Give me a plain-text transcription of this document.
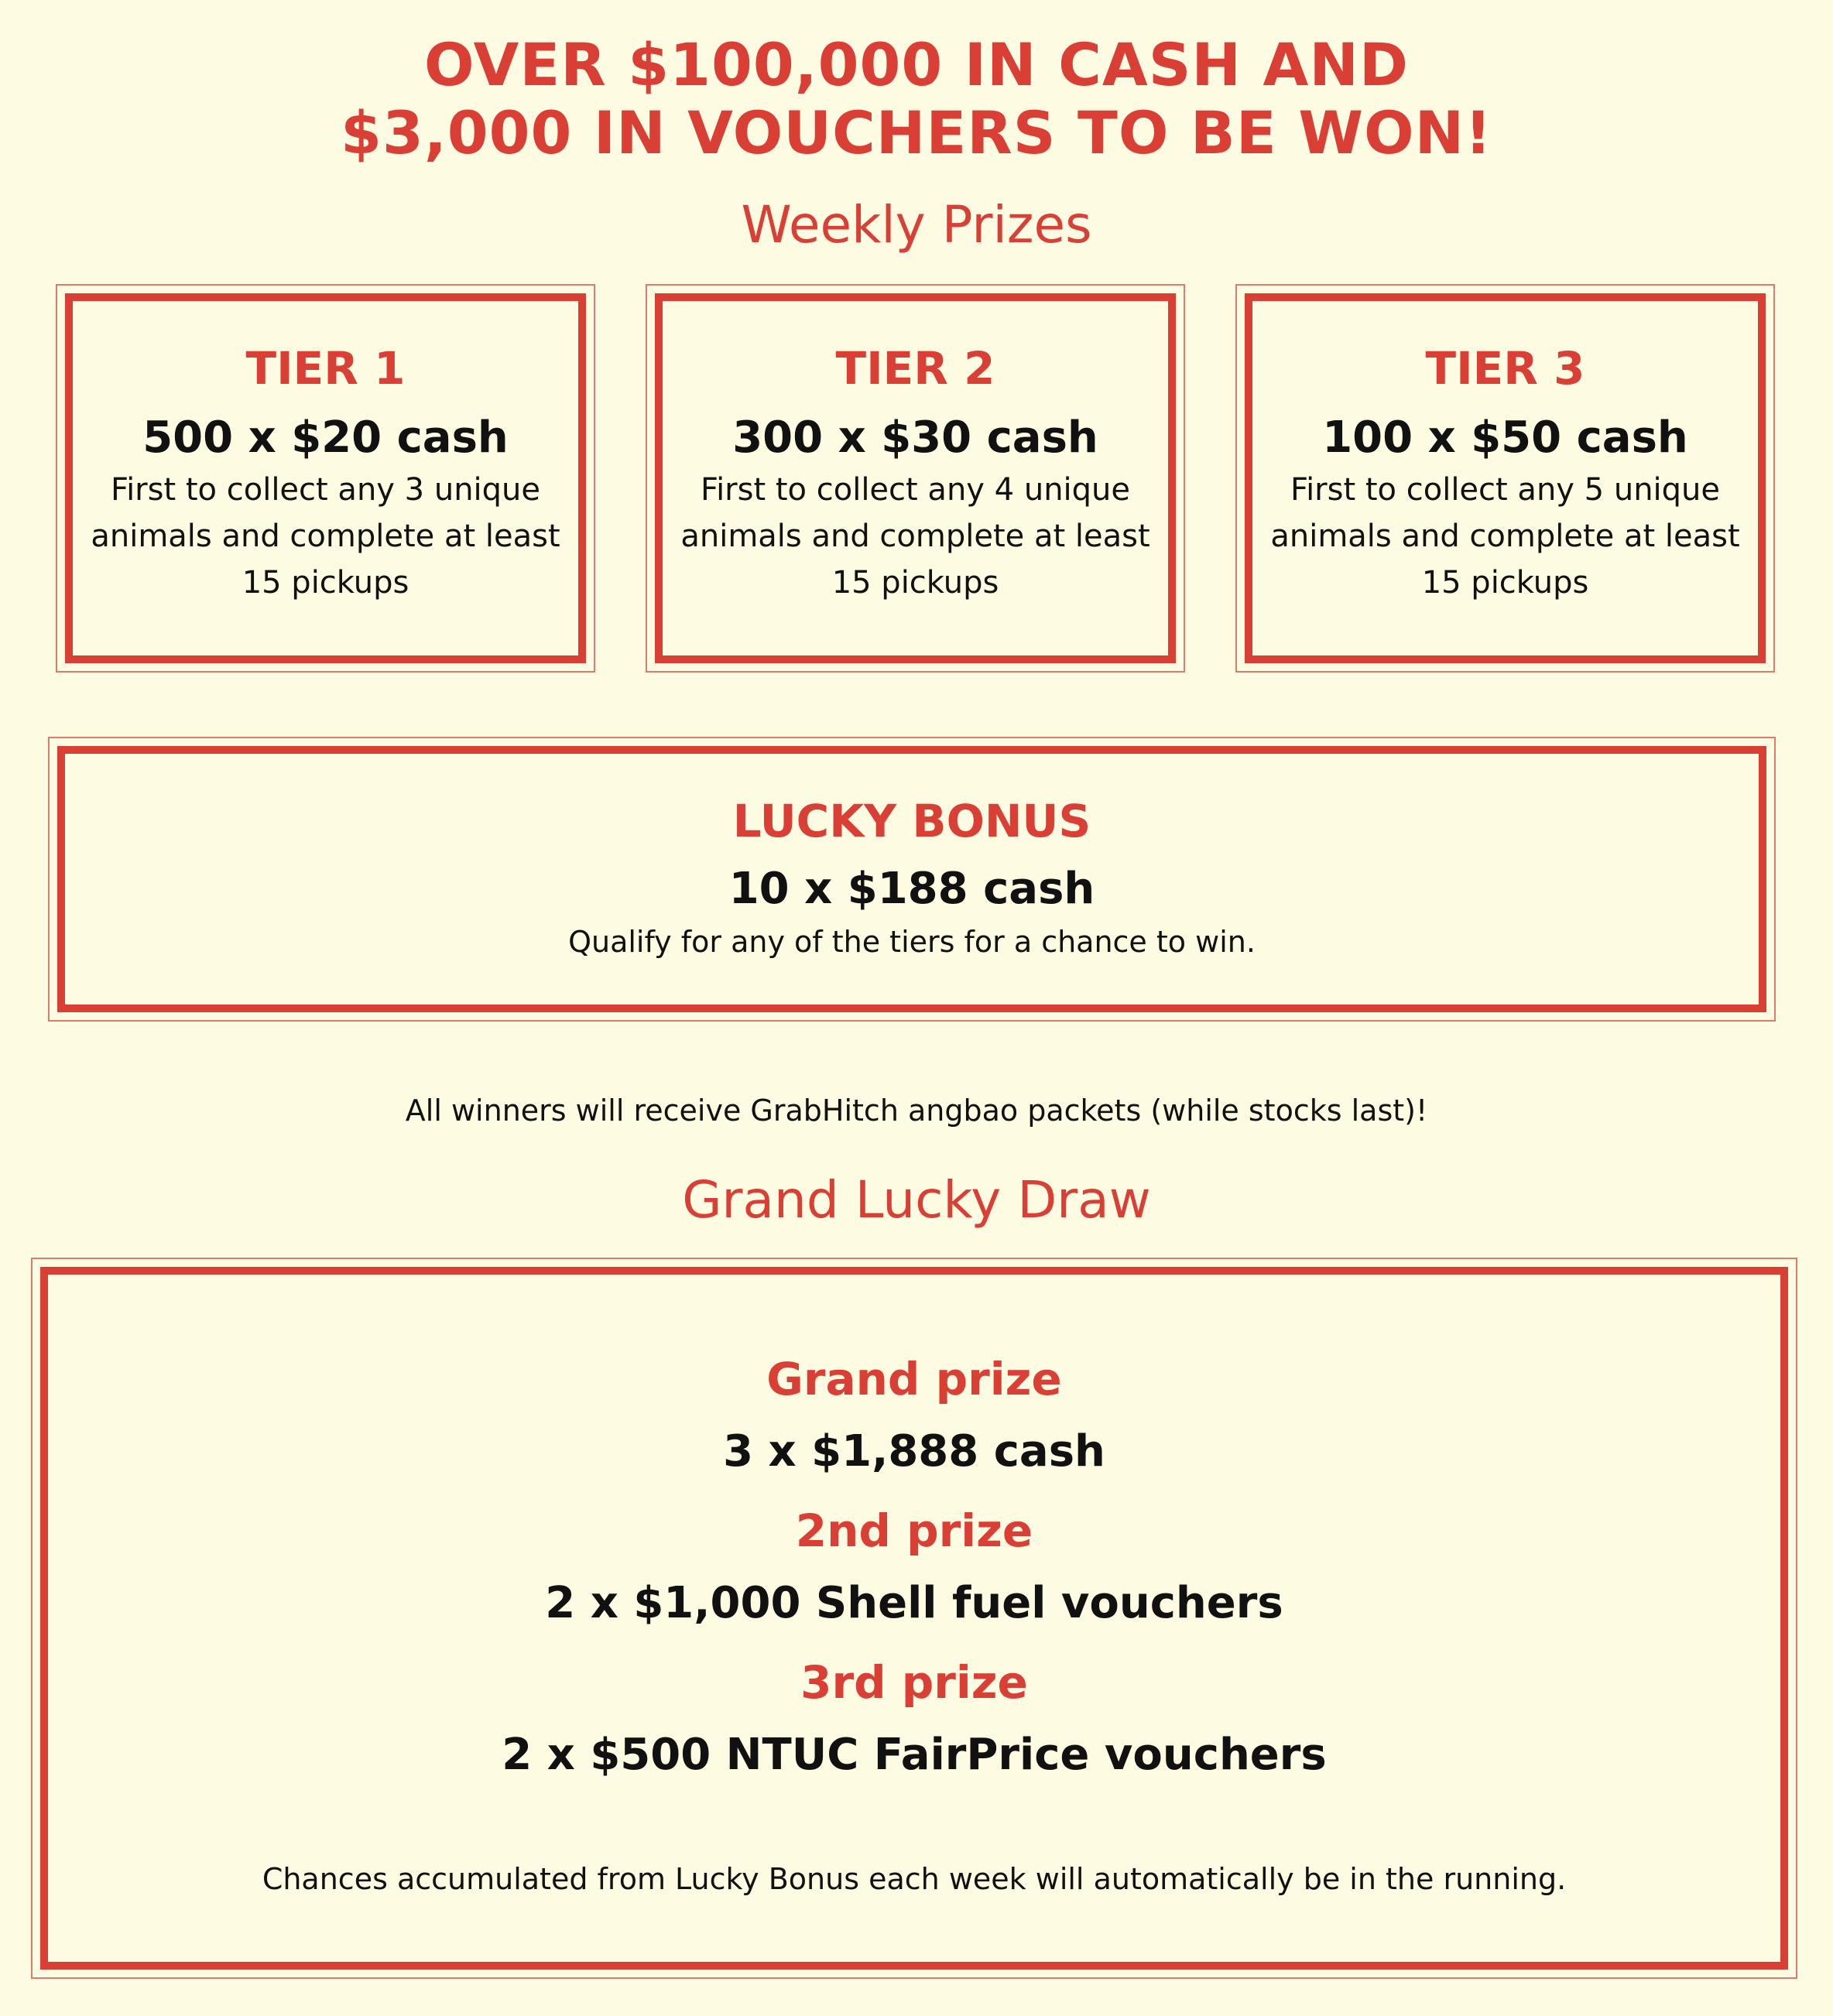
OVER $100,000 IN CASH AND
$3,000 IN VOUCHERS TO BE WON!
Weekly Prizes
TIER 1
500 x $20 cash
First to collect any 3 unique animals and complete at least 15 pickups
TIER 2
300 x $30 cash
First to collect any 4 unique animals and complete at least 15 pickups
TIER 3
100 x $50 cash
First to collect any 5 unique animals and complete at least 15 pickups
LUCKY BONUS
10 x $188 cash
Qualify for any of the tiers for a chance to win.
All winners will receive GrabHitch angbao packets (while stocks last)!
Grand Lucky Draw
Grand prize
3 x $1,888 cash
2nd prize
2 x $1,000 Shell fuel vouchers
3rd prize
2 x $500 NTUC FairPrice vouchers
Chances accumulated from Lucky Bonus each week will automatically be in the running.
